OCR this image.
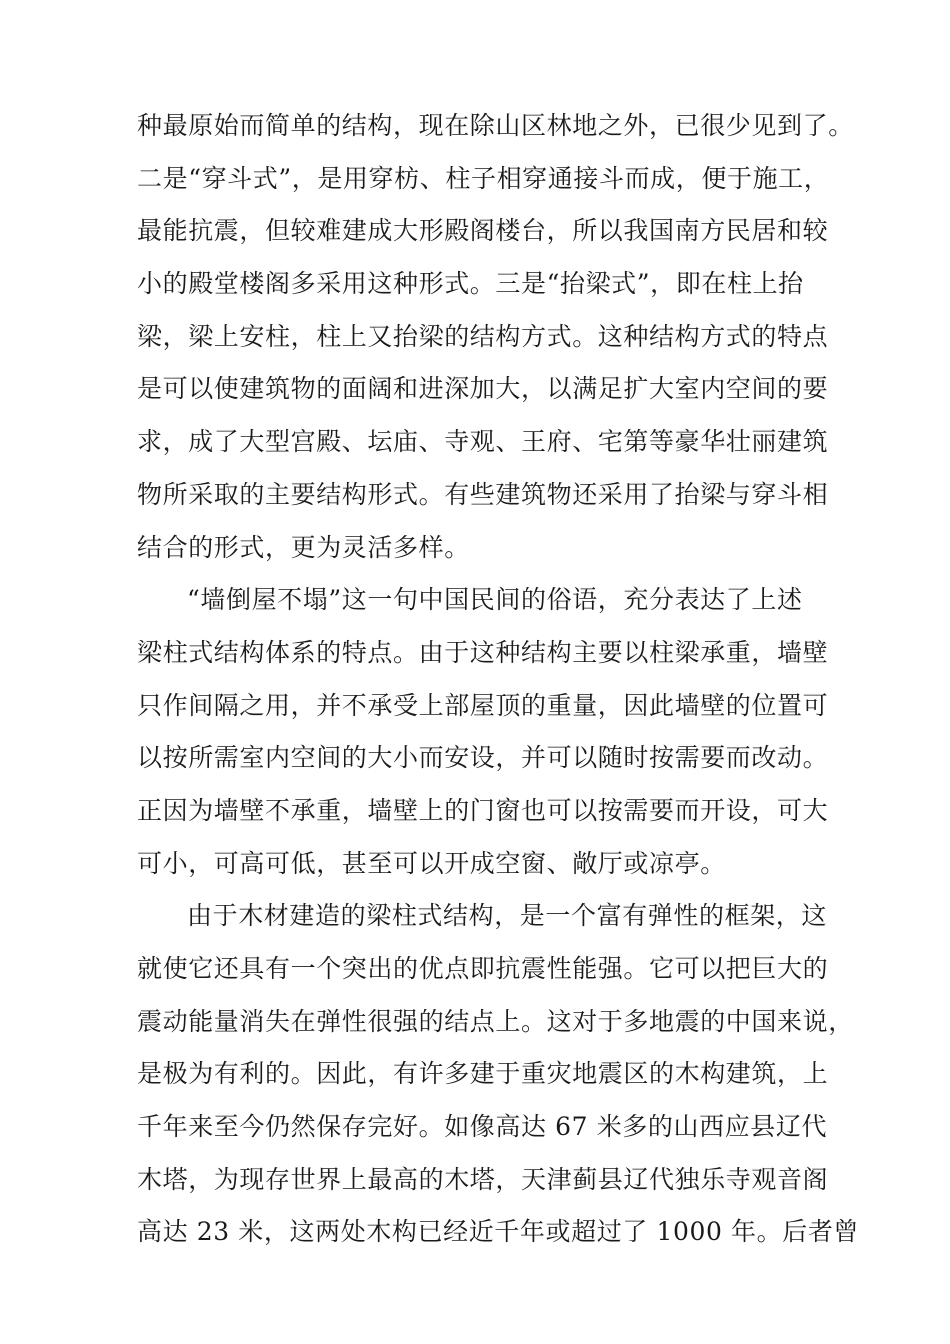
种最原始而简单的结构，现在除山区林地之外，已很少见到了。
二是“穿斗式”，是用穿枋、柱子相穿通接斗而成，便于施工，
最能抗震，但较难建成大形殿阁楼台，所以我国南方民居和较
小的殿堂楼阁多采用这种形式。三是“抬梁式”，即在柱上抬
梁，梁上安柱，柱上又抬梁的结构方式。这种结构方式的特点
是可以使建筑物的面阔和进深加大，以满足扩大室内空间的要
求，成了大型宫殿、坛庙、寺观、王府、宅第等豪华壮丽建筑
物所采取的主要结构形式。有些建筑物还采用了抬梁与穿斗相
结合的形式，更为灵活多样。
“墙倒屋不塌”这一句中国民间的俗语，充分表达了上述
梁柱式结构体系的特点。由于这种结构主要以柱梁承重，墙壁
只作间隔之用，并不承受上部屋顶的重量，因此墙壁的位置可
以按所需室内空间的大小而安设，并可以随时按需要而改动。
正因为墙壁不承重，墙壁上的门窗也可以按需要而开设，可大
可小，可高可低，甚至可以开成空窗、敞厅或凉亭。
由于木材建造的梁柱式结构，是一个富有弹性的框架，这
就使它还具有一个突出的优点即抗震性能强。它可以把巨大的
震动能量消失在弹性很强的结点上。这对于多地震的中国来说，
是极为有利的。因此，有许多建于重灾地震区的木构建筑，上
千年来至今仍然保存完好。如像高达 67 米多的山西应县辽代
木塔，为现存世界上最高的木塔，天津蓟县辽代独乐寺观音阁
高达 23 米，这两处木构已经近千年或超过了 1000 年。后者曾
